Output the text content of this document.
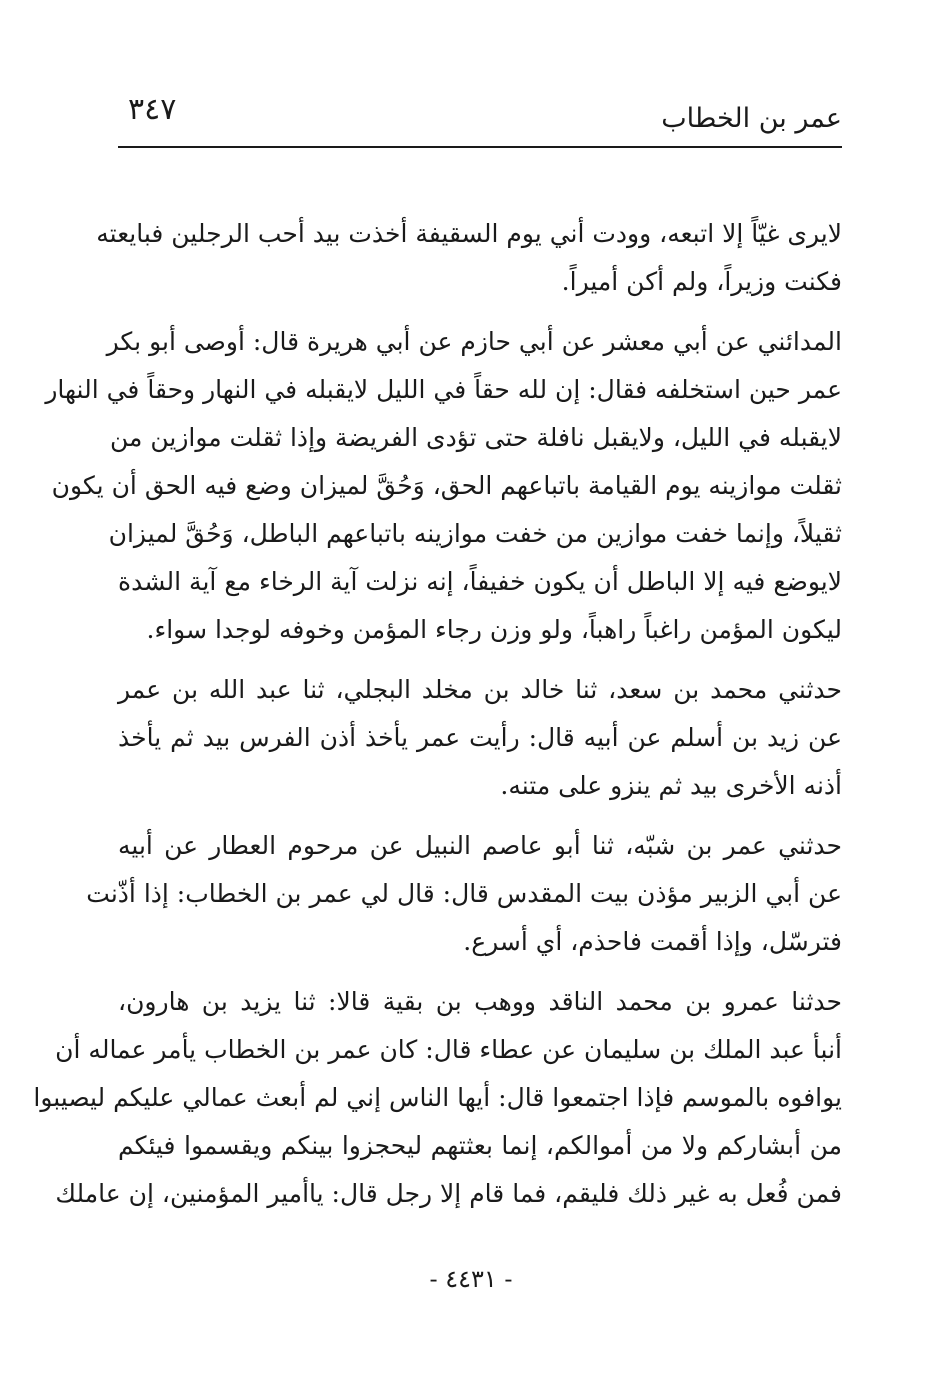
عمر بن الخطاب
٣٤٧
لايرى غيّاً إلا اتبعه، وودت أني يوم السقيفة أخذت بيد أحب الرجلين فبايعته
فكنت وزيراً، ولم أكن أميراً.
المدائني عن أبي معشر عن أبي حازم عن أبي هريرة قال: أوصى أبو بكر
عمر حين استخلفه فقال: إن لله حقاً في الليل لايقبله في النهار وحقاً في النهار
لايقبله في الليل، ولايقبل نافلة حتى تؤدى الفريضة وإذا ثقلت موازين من
ثقلت موازينه يوم القيامة باتباعهم الحق، وَحُقَّ لميزان وضع فيه الحق أن يكون
ثقيلاً، وإنما خفت موازين من خفت موازينه باتباعهم الباطل، وَحُقَّ لميزان
لايوضع فيه إلا الباطل أن يكون خفيفاً، إنه نزلت آية الرخاء مع آية الشدة
ليكون المؤمن راغباً راهباً، ولو وزن رجاء المؤمن وخوفه لوجدا سواء.
حدثني محمد بن سعد، ثنا خالد بن مخلد البجلي، ثنا عبد الله بن عمر
عن زيد بن أسلم عن أبيه قال: رأيت عمر يأخذ أذن الفرس بيد ثم يأخذ
أذنه الأخرى بيد ثم ينزو على متنه.
حدثني عمر بن شبّه، ثنا أبو عاصم النبيل عن مرحوم العطار عن أبيه
عن أبي الزبير مؤذن بيت المقدس قال: قال لي عمر بن الخطاب: إذا أذّنت
فترسّل، وإذا أقمت فاحذم، أي أسرع.
حدثنا عمرو بن محمد الناقد ووهب بن بقية قالا: ثنا يزيد بن هارون،
أنبأ عبد الملك بن سليمان عن عطاء قال: كان عمر بن الخطاب يأمر عماله أن
يوافوه بالموسم فإذا اجتمعوا قال: أيها الناس إني لم أبعث عمالي عليكم ليصيبوا
من أبشاركم ولا من أموالكم، إنما بعثتهم ليحجزوا بينكم ويقسموا فيئكم
فمن فُعل به غير ذلك فليقم، فما قام إلا رجل قال: ياأمير المؤمنين، إن عاملك
- ٤٤٣١ -
